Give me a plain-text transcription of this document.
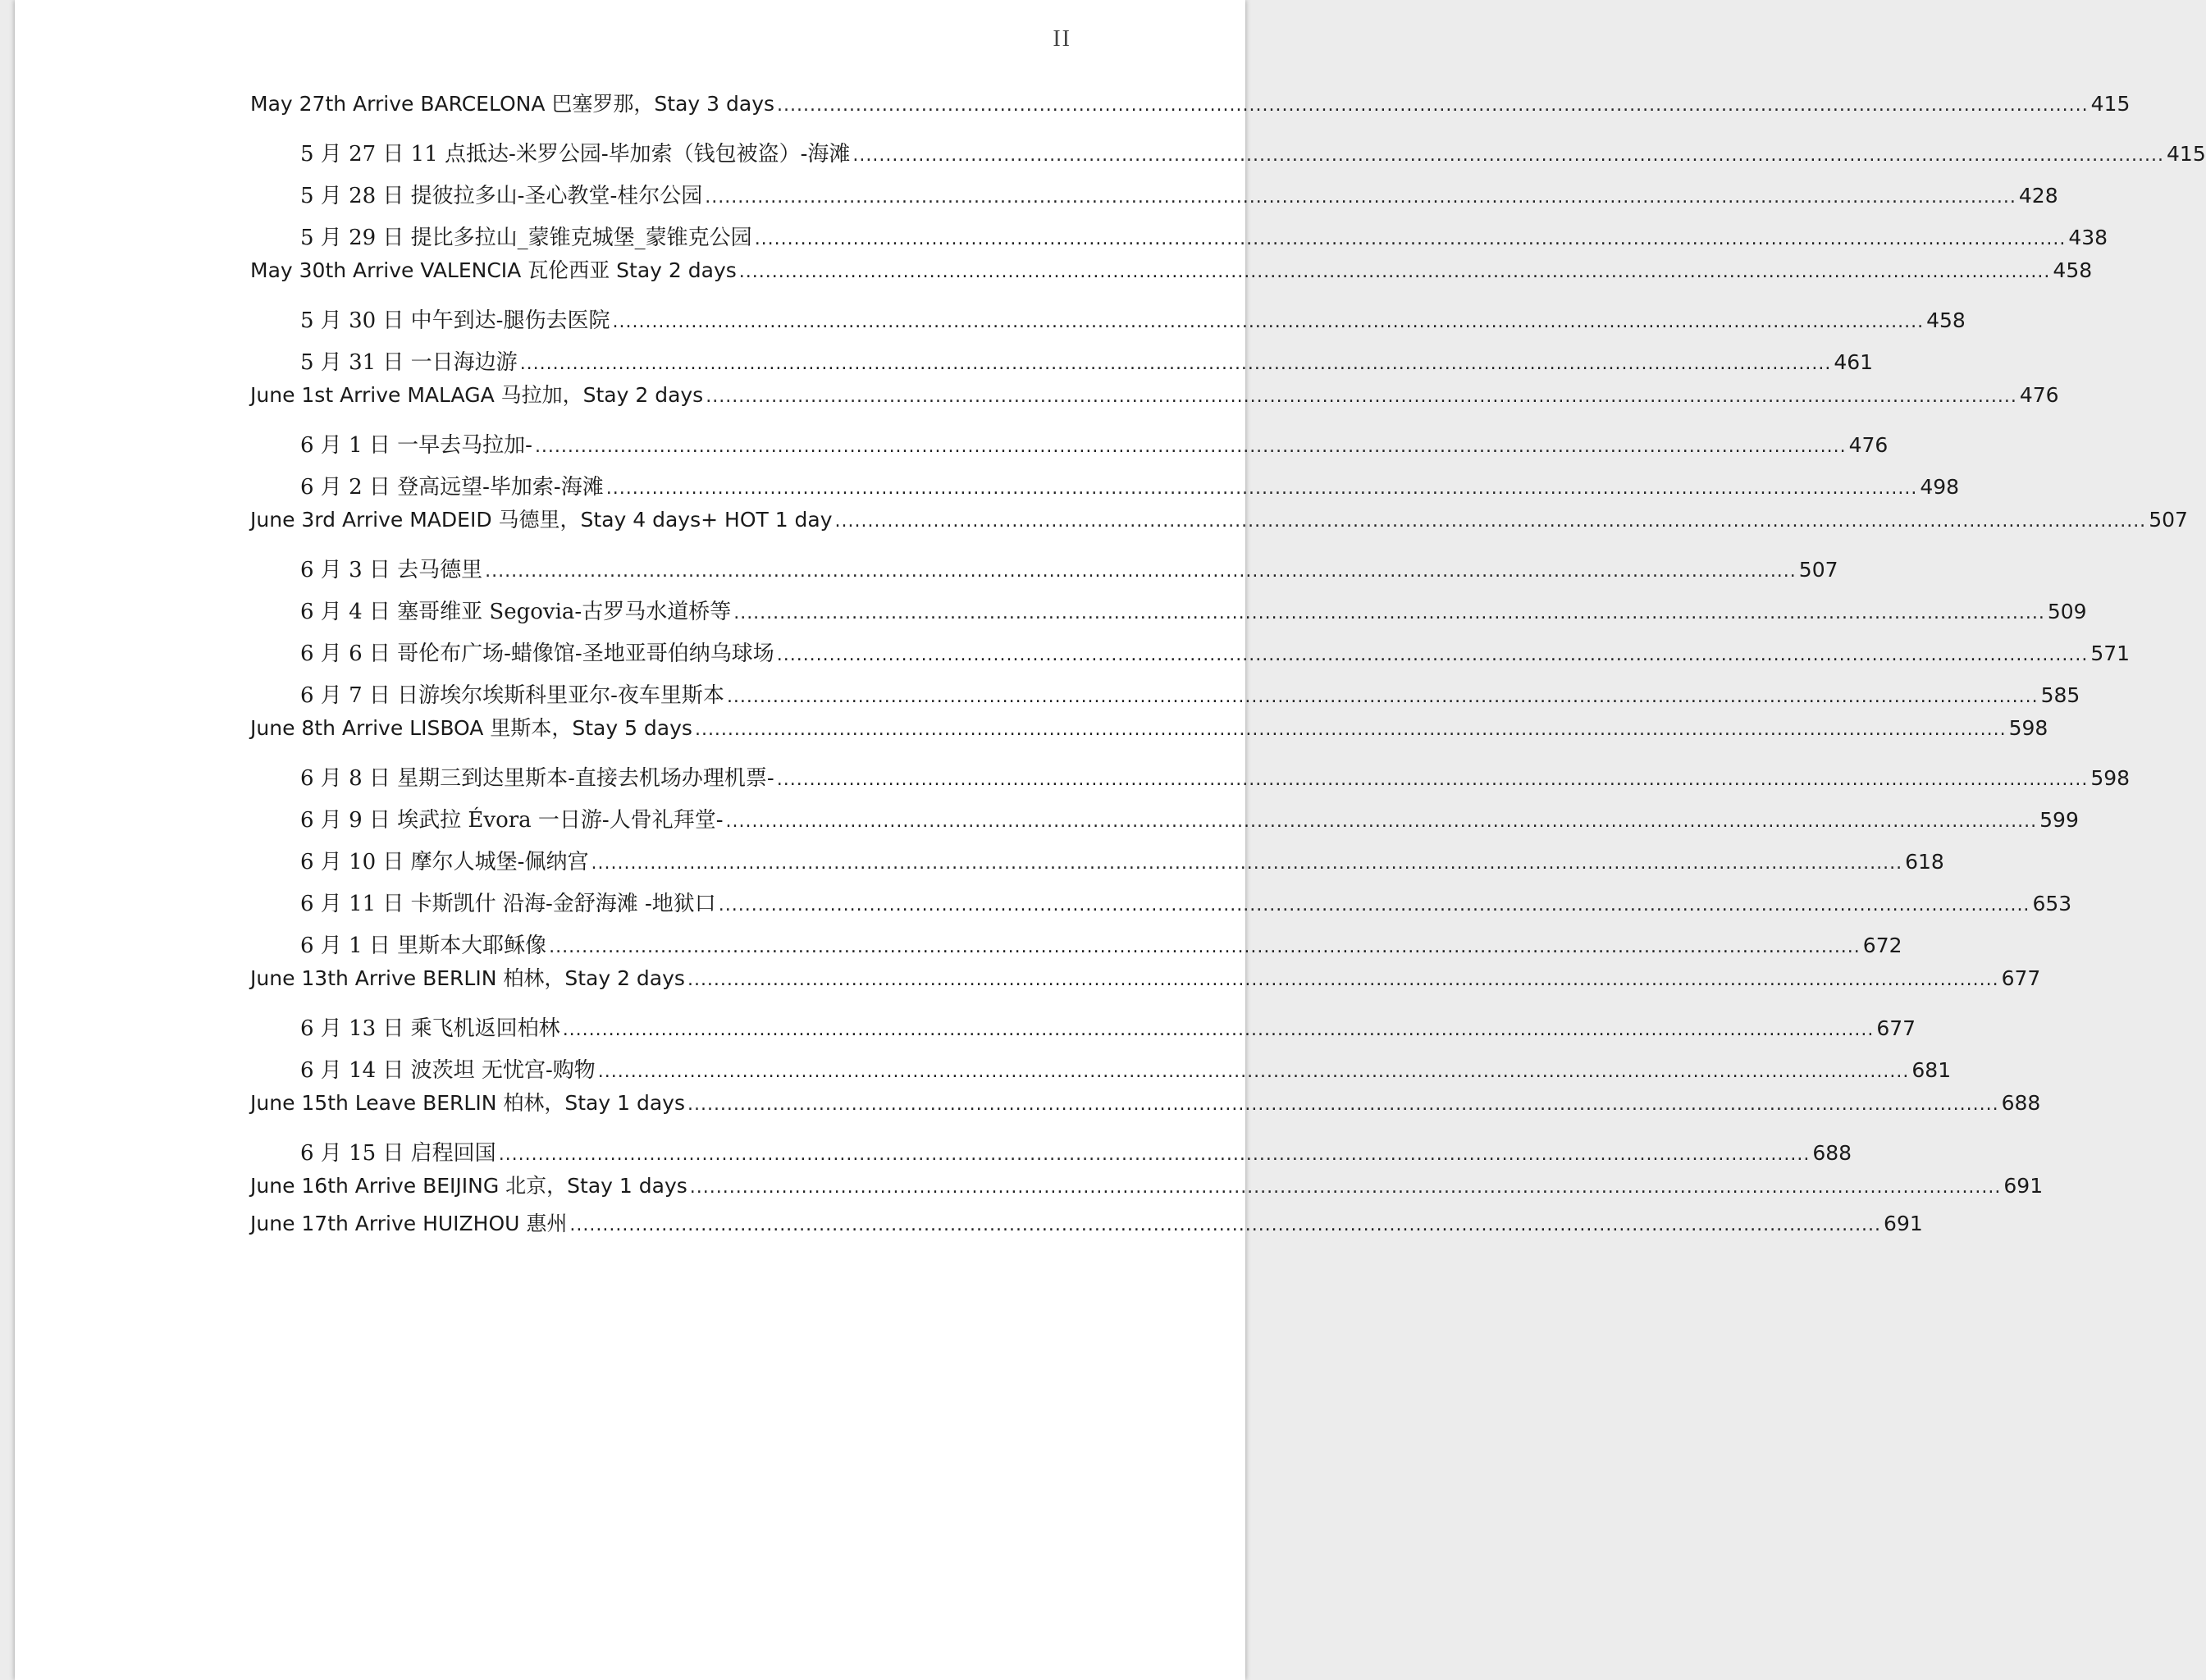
II
May 27th Arrive BARCELONA 巴塞罗那，Stay 3 days .....	415
5 月 27 日 11 点抵达-米罗公园-毕加索（钱包被盗）-海滩 .....	415
5 月 28 日 提彼拉多山-圣心教堂-桂尔公园 .....	428
5 月 29 日 提比多拉山_蒙锥克城堡_蒙锥克公园 .....	438
May 30th Arrive VALENCIA 瓦伦西亚 Stay 2 days .....	458
5 月 30 日 中午到达-腿伤去医院 .....	458
5 月 31 日 一日海边游 .....	461
June 1st Arrive MALAGA 马拉加，Stay 2 days .....	476
6 月 1 日 一早去马拉加- .....	476
6 月 2 日 登高远望-毕加索-海滩 .....	498
June 3rd Arrive MADEID 马德里，Stay 4 days+ HOT 1 day .....	507
6 月 3 日 去马德里 .....	507
6 月 4 日 塞哥维亚 Segovia-古罗马水道桥等 .....	509
6 月 6 日 哥伦布广场-蜡像馆-圣地亚哥伯纳乌球场 .....	571
6 月 7 日 日游埃尔埃斯科里亚尔-夜车里斯本 .....	585
June 8th Arrive LISBOA 里斯本，Stay 5 days .....	598
6 月 8 日 星期三到达里斯本-直接去机场办理机票- .....	598
6 月 9 日 埃武拉 Évora 一日游-人骨礼拜堂- .....	599
6 月 10 日 摩尔人城堡-佩纳宫 .....	618
6 月 11 日 卡斯凯什 沿海-金舒海滩 -地狱口 .....	653
6 月 1 日 里斯本大耶稣像 .....	672
June 13th Arrive BERLIN 柏林，Stay 2 days .....	677
6 月 13 日 乘飞机返回柏林 .....	677
6 月 14 日 波茨坦 无忧宫-购物 .....	681
June 15th Leave BERLIN 柏林，Stay 1 days .....	688
6 月 15 日 启程回国 .....	688
June 16th Arrive BEIJING 北京，Stay 1 days .....	691
June 17th Arrive HUIZHOU 惠州 .....	691
